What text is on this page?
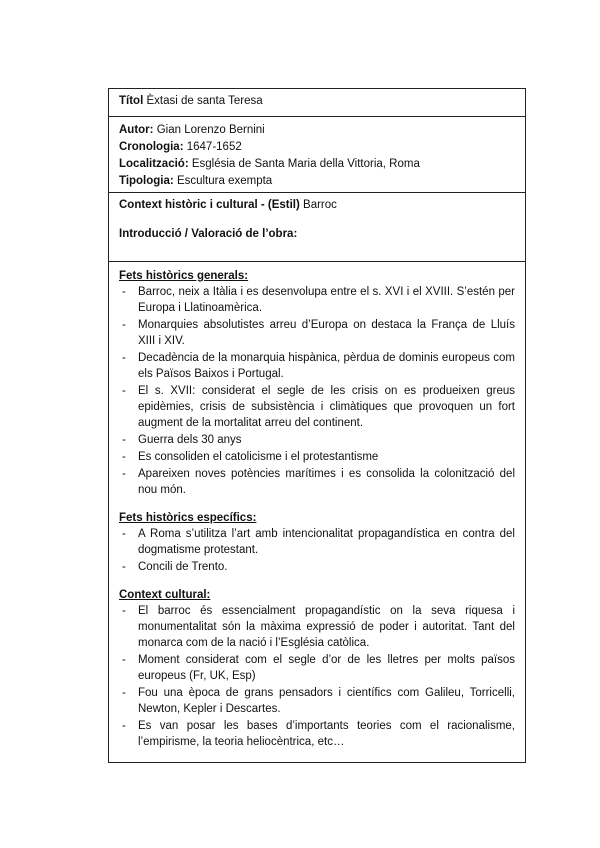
Títol Èxtasi de santa Teresa
Autor: Gian Lorenzo Bernini
Cronologia: 1647-1652
Localització: Església de Santa Maria della Vittoria, Roma
Tipologia: Escultura exempta
Context històric i cultural - (Estil) Barroc
Introducció / Valoració de l’obra:
Fets històrics generals:
- Barroc, neix a Itàlia i es desenvolupa entre el s. XVI i el XVIII. S’estén per Europa i Llatinoamèrica.
- Monarquies absolutistes arreu d’Europa on destaca la França de Lluís XIII i XIV.
- Decadència de la monarquia hispànica, pèrdua de dominis europeus com els Països Baixos i Portugal.
- El s. XVII: considerat el segle de les crisis on es produeixen greus epidèmies, crisis de subsistència i climàtiques que provoquen un fort augment de la mortalitat arreu del continent.
- Guerra dels 30 anys
- Es consoliden el catolicisme i el protestantisme
- Apareixen noves potències marítimes i es consolida la colonització del nou món.
Fets històrics específics:
- A Roma s’utilitza l’art amb intencionalitat propagandística en contra del dogmatisme protestant.
- Concili de Trento.
Context cultural:
- El barroc és essencialment propagandístic on la seva riquesa i monumentalitat són la màxima expressió de poder i autoritat. Tant del monarca com de la nació i l’Església catòlica.
- Moment considerat com el segle d’or de les lletres per molts països europeus (Fr, UK, Esp)
- Fou una època de grans pensadors i científics com Galileu, Torricelli, Newton, Kepler i Descartes.
- Es van posar les bases d’importants teories com el racionalisme, l’empirisme, la teoria heliocèntrica, etc…
